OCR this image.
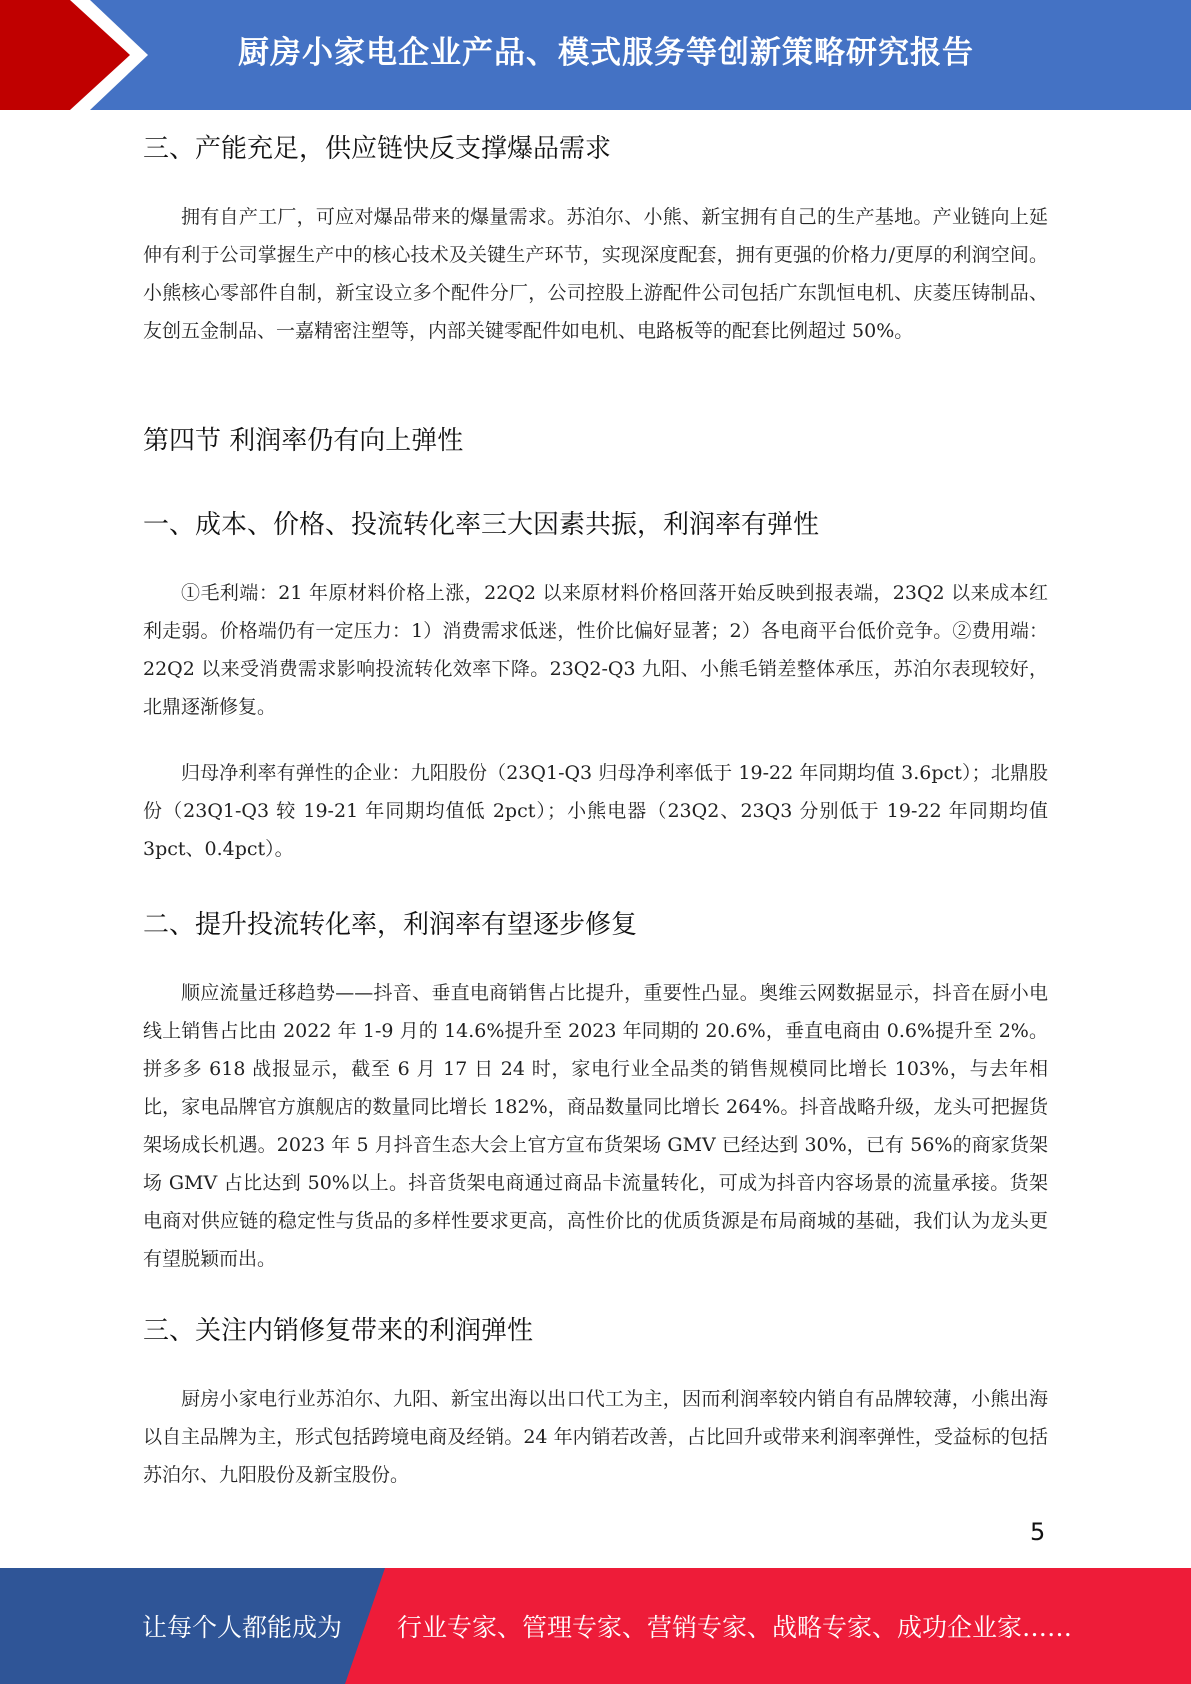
厨房小家电企业产品、模式服务等创新策略研究报告
三、产能充足，供应链快反支撑爆品需求

拥有自产工厂，可应对爆品带来的爆量需求。苏泊尔、小熊、新宝拥有自己的生产基地。产业链向上延伸有利于公司掌握生产中的核心技术及关键生产环节，实现深度配套，拥有更强的价格力/更厚的利润空间。小熊核心零部件自制，新宝设立多个配件分厂，公司控股上游配件公司包括广东凯恒电机、庆菱压铸制品、友创五金制品、一嘉精密注塑等，内部关键零配件如电机、电路板等的配套比例超过 50%。

第四节 利润率仍有向上弹性
一、成本、价格、投流转化率三大因素共振，利润率有弹性

①毛利端：21 年原材料价格上涨，22Q2 以来原材料价格回落开始反映到报表端，23Q2 以来成本红利走弱。价格端仍有一定压力：1）消费需求低迷，性价比偏好显著；2）各电商平台低价竞争。②费用端：22Q2 以来受消费需求影响投流转化效率下降。23Q2-Q3 九阳、小熊毛销差整体承压，苏泊尔表现较好，北鼎逐渐修复。

归母净利率有弹性的企业：九阳股份（23Q1-Q3 归母净利率低于 19-22 年同期均值 3.6pct）；北鼎股份（23Q1-Q3 较 19-21 年同期均值低 2pct）；小熊电器（23Q2、23Q3 分别低于 19-22 年同期均值 3pct、0.4pct）。

二、提升投流转化率，利润率有望逐步修复

顺应流量迁移趋势——抖音、垂直电商销售占比提升，重要性凸显。奥维云网数据显示，抖音在厨小电线上销售占比由 2022 年 1-9 月的 14.6%提升至 2023 年同期的 20.6%，垂直电商由 0.6%提升至 2%。拼多多 618 战报显示，截至 6 月 17 日 24 时，家电行业全品类的销售规模同比增长 103%，与去年相比，家电品牌官方旗舰店的数量同比增长 182%，商品数量同比增长 264%。抖音战略升级，龙头可把握货架场成长机遇。2023 年 5 月抖音生态大会上官方宣布货架场 GMV 已经达到 30%，已有 56%的商家货架场 GMV 占比达到 50%以上。抖音货架电商通过商品卡流量转化，可成为抖音内容场景的流量承接。货架电商对供应链的稳定性与货品的多样性要求更高，高性价比的优质货源是布局商城的基础，我们认为龙头更有望脱颖而出。

三、关注内销修复带来的利润弹性

厨房小家电行业苏泊尔、九阳、新宝出海以出口代工为主，因而利润率较内销自有品牌较薄，小熊出海以自主品牌为主，形式包括跨境电商及经销。24 年内销若改善，占比回升或带来利润率弹性，受益标的包括苏泊尔、九阳股份及新宝股份。

5
让每个人都能成为 行业专家、管理专家、营销专家、战略专家、成功企业家……
